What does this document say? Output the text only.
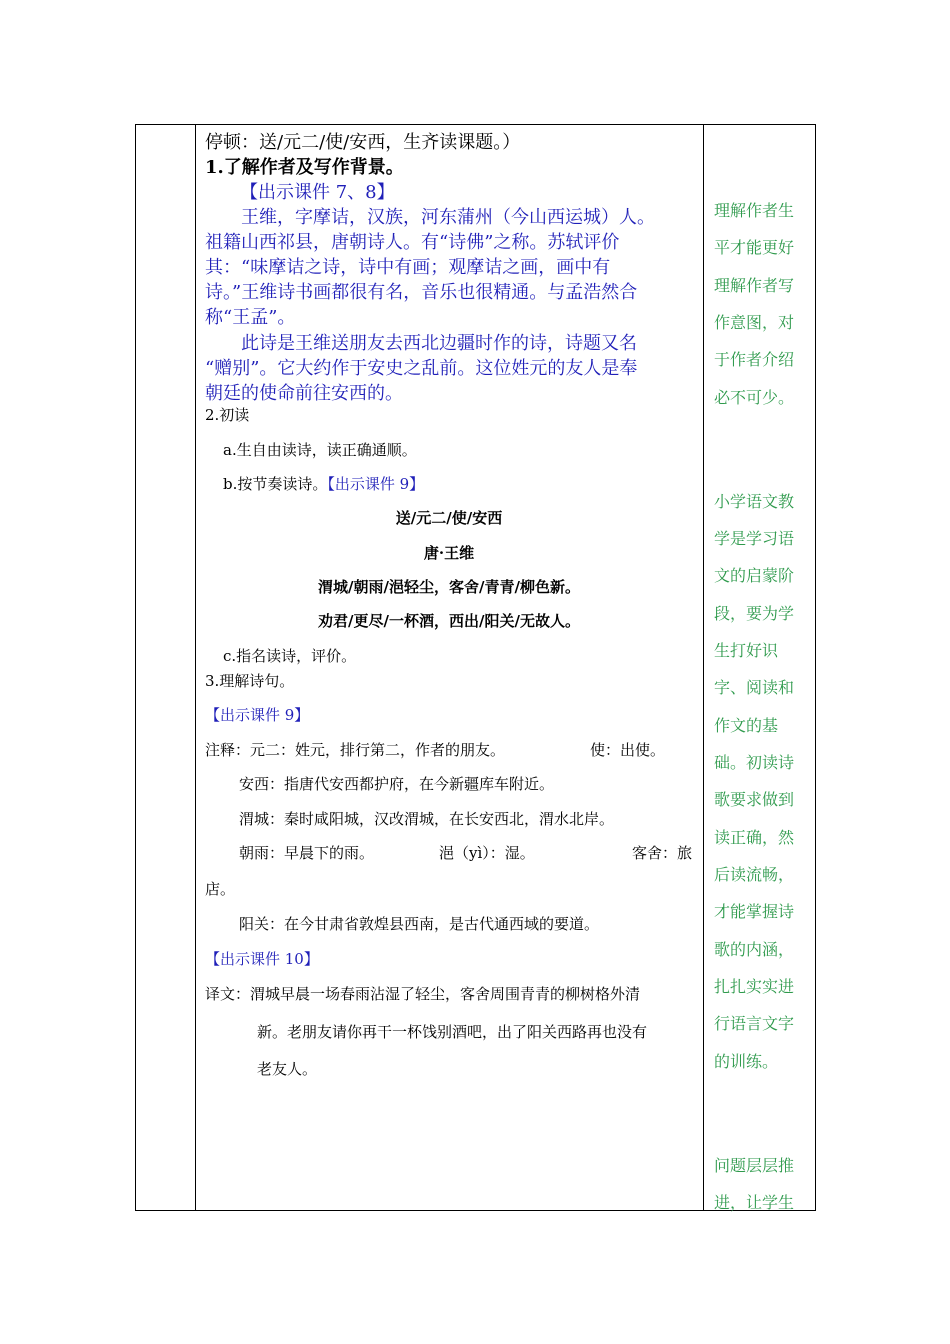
停顿：送/元二/使/安西，生齐读课题。）
1.了解作者及写作背景。
【出示课件 7、8】
王维，字摩诘，汉族，河东蒲州（今山西运城）人。
祖籍山西祁县，唐朝诗人。有“诗佛”之称。苏轼评价
其：“味摩诘之诗，诗中有画；观摩诘之画，画中有
诗。”王维诗书画都很有名，音乐也很精通。与孟浩然合
称“王孟”。
此诗是王维送朋友去西北边疆时作的诗，诗题又名
“赠别”。它大约作于安史之乱前。这位姓元的友人是奉
朝廷的使命前往安西的。
2.初读
a.生自由读诗，读正确通顺。
b.按节奏读诗。【出示课件 9】
送/元二/使/安西
唐·王维
渭城/朝雨/浥轻尘，客舍/青青/柳色新。
劝君/更尽/一杯酒，西出/阳关/无故人。
c.指名读诗，评价。
3.理解诗句。
【出示课件 9】
注释：元二：姓元，排行第二，作者的朋友。	使：出使。
安西：指唐代安西都护府，在今新疆库车附近。
渭城：秦时咸阳城，汉改渭城，在长安西北，渭水北岸。
朝雨：早晨下的雨。	浥（yì）：湿。	客舍：旅
店。
阳关：在今甘肃省敦煌县西南，是古代通西域的要道。
【出示课件 10】
译文：渭城早晨一场春雨沾湿了轻尘，客舍周围青青的柳树格外清
新。老朋友请你再干一杯饯别酒吧，出了阳关西路再也没有
老友人。
理解作者生
平才能更好
理解作者写
作意图，对
于作者介绍
必不可少。
小学语文教
学是学习语
文的启蒙阶
段，要为学
生打好识
字、阅读和
作文的基
础。初读诗
歌要求做到
读正确，然
后读流畅，
才能掌握诗
歌的内涵，
扎扎实实进
行语言文字
的训练。
问题层层推
进，让学生
